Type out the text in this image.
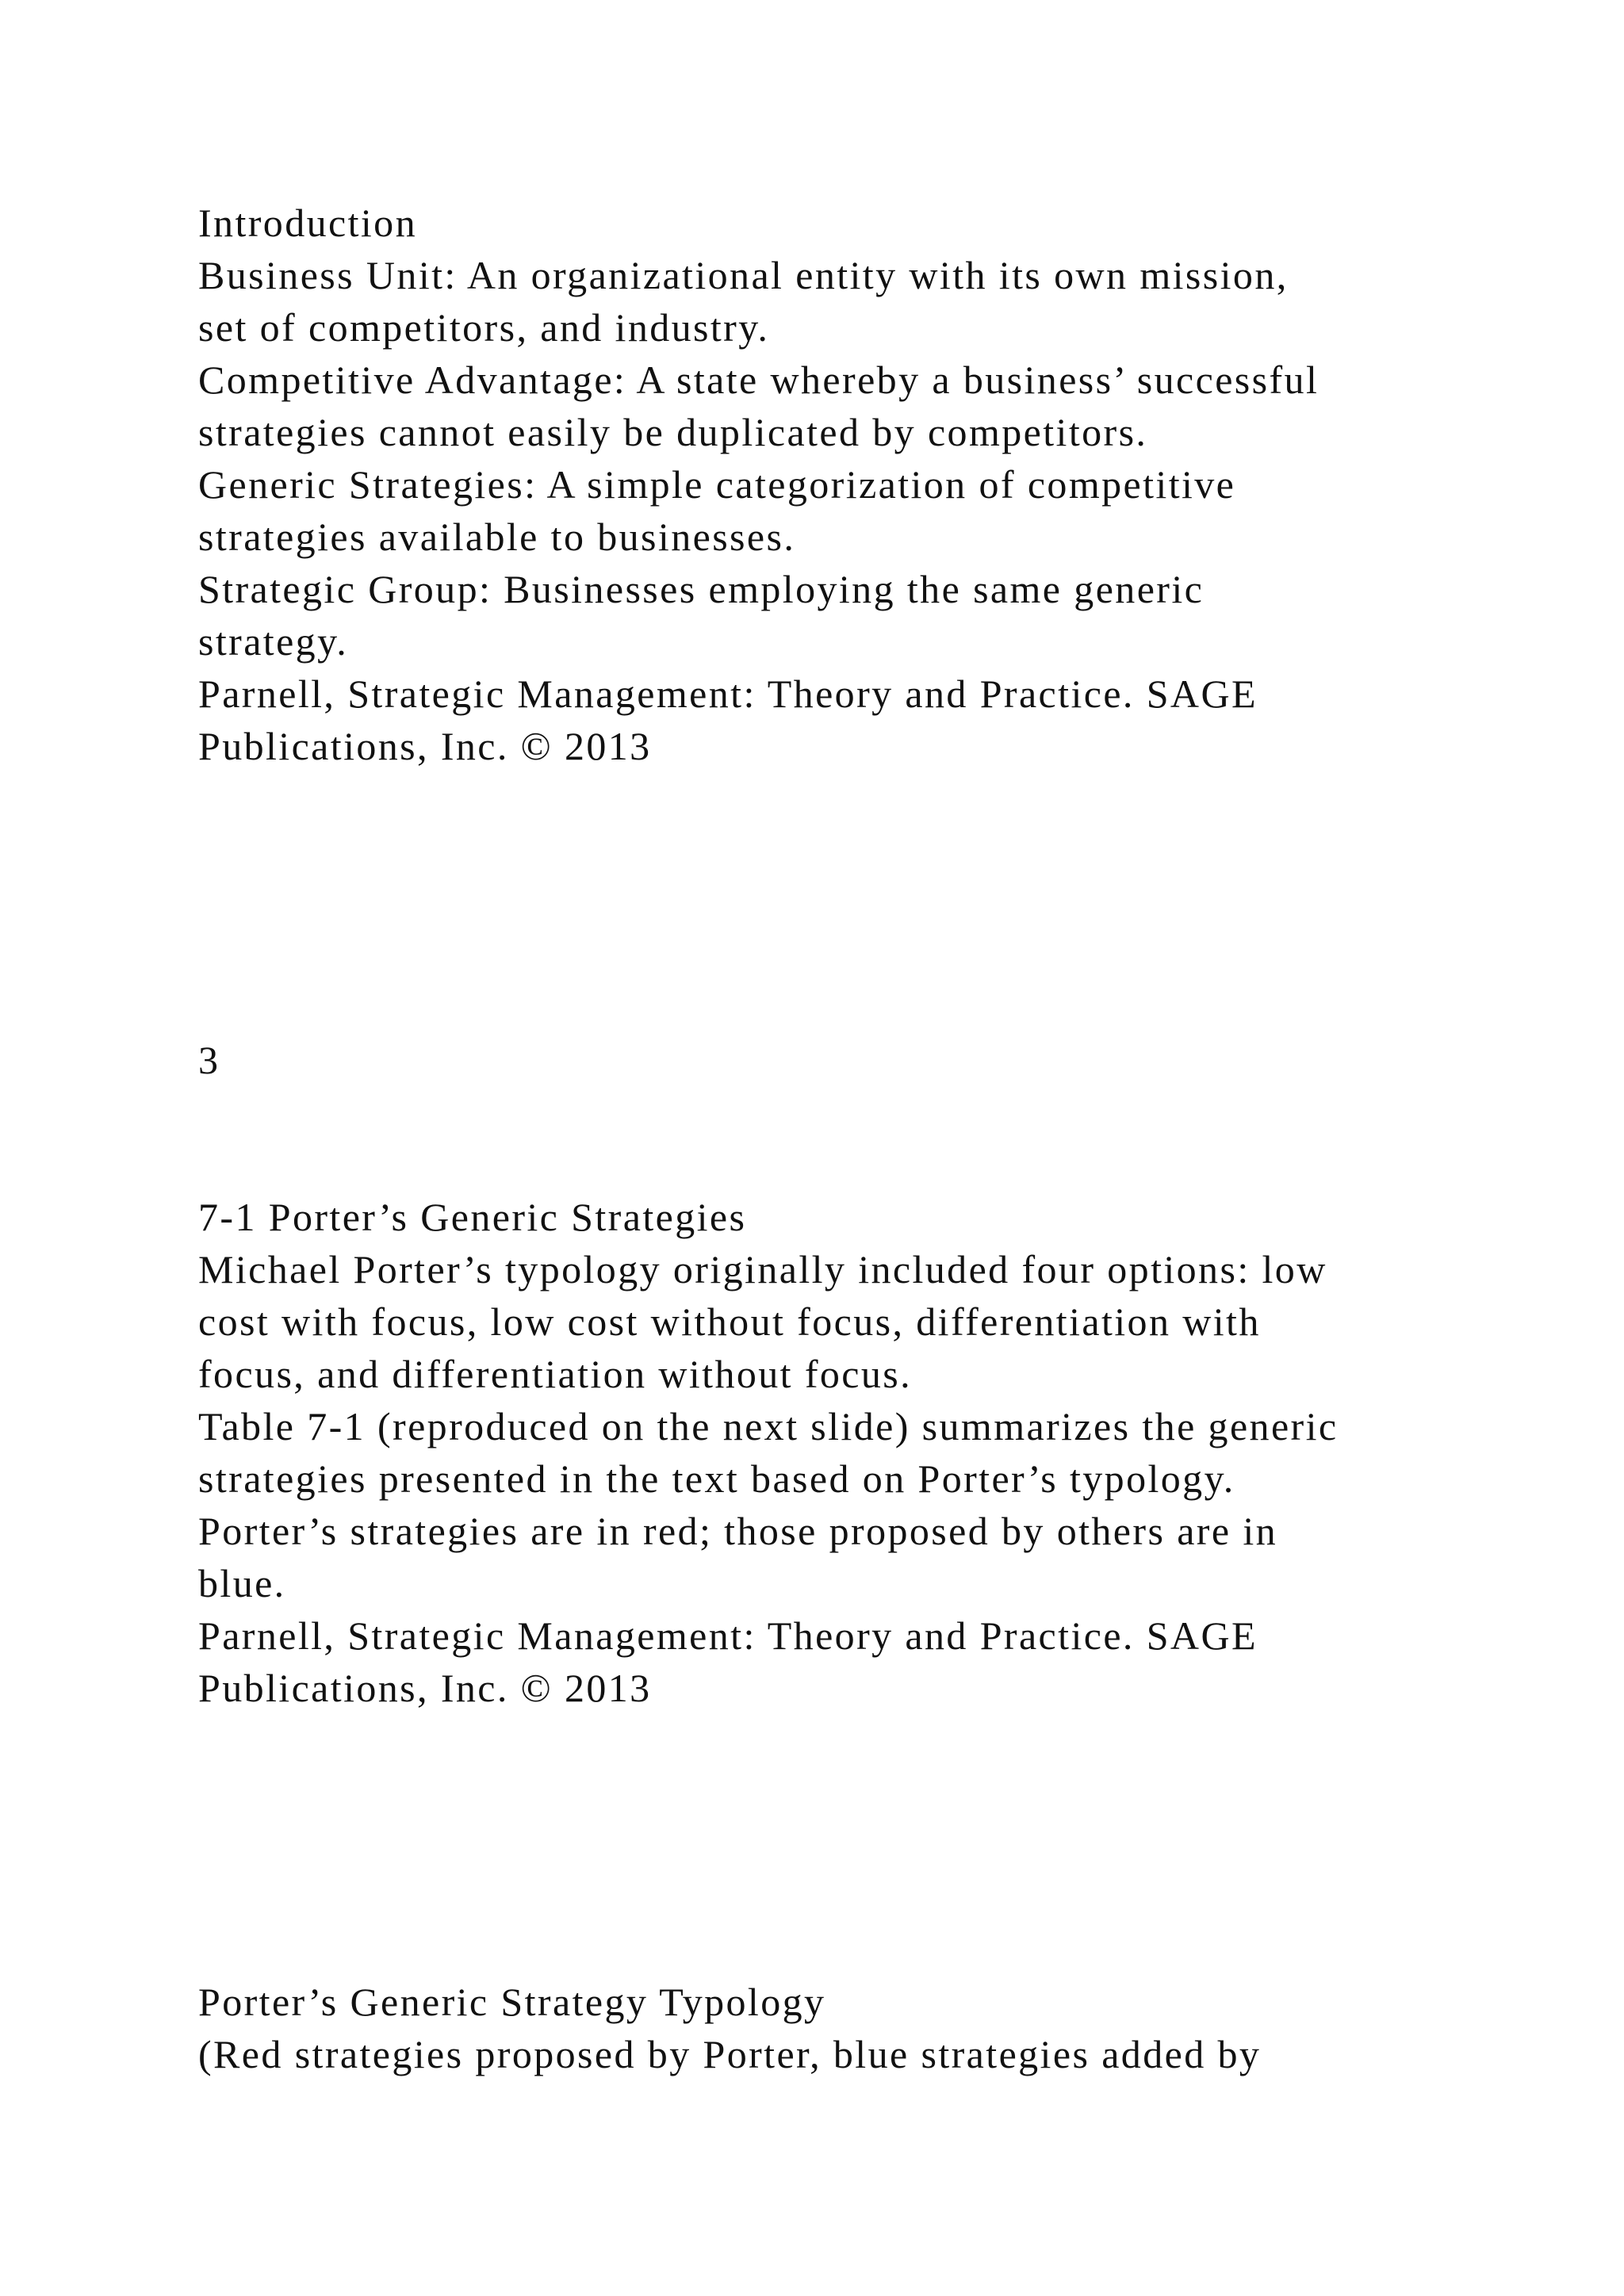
Introduction
Business Unit: An organizational entity with its own mission,
set of competitors, and industry.
Competitive Advantage: A state whereby a business’ successful
strategies cannot easily be duplicated by competitors.
Generic Strategies: A simple categorization of competitive
strategies available to businesses.
Strategic Group: Businesses employing the same generic
strategy.
Parnell, Strategic Management: Theory and Practice. SAGE
Publications, Inc. © 2013
3
7-1 Porter’s Generic Strategies
Michael Porter’s typology originally included four options: low
cost with focus, low cost without focus, differentiation with
focus, and differentiation without focus.
Table 7-1 (reproduced on the next slide) summarizes the generic
strategies presented in the text based on Porter’s typology.
Porter’s strategies are in red; those proposed by others are in
blue.
Parnell, Strategic Management: Theory and Practice. SAGE
Publications, Inc. © 2013
Porter’s Generic Strategy Typology
(Red strategies proposed by Porter, blue strategies added by
